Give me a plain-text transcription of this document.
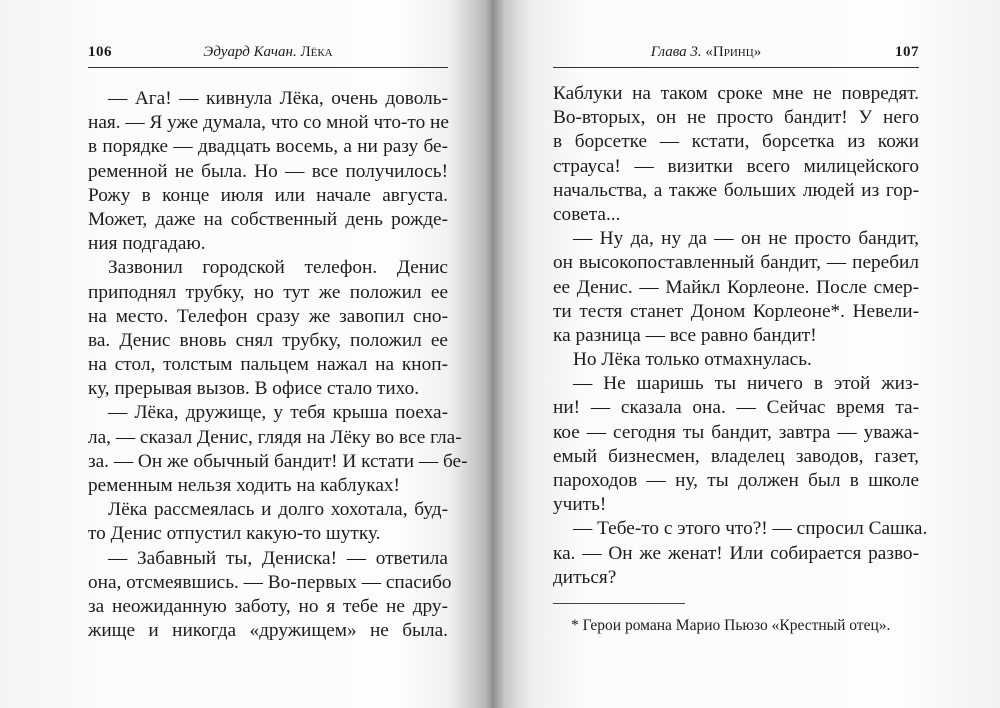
106	Эдуард Качан. Лёка
— Ага! — кивнула Лёка, очень доволь-
ная. — Я уже думала, что со мной что-то не
в порядке — двадцать восемь, а ни разу бе-
ременной не была. Но — все получилось!
Рожу в конце июля или начале августа.
Может, даже на собственный день рожде-
ния подгадаю.
Зазвонил городской телефон. Денис
приподнял трубку, но тут же положил ее
на место. Телефон сразу же завопил сно-
ва. Денис вновь снял трубку, положил ее
на стол, толстым пальцем нажал на кноп-
ку, прерывая вызов. В офисе стало тихо.
— Лёка, дружище, у тебя крыша поеха-
ла, — сказал Денис, глядя на Лёку во все гла-
за. — Он же обычный бандит! И кстати — бе-
ременным нельзя ходить на каблуках!
Лёка рассмеялась и долго хохотала, буд-
то Денис отпустил какую-то шутку.
— Забавный ты, Дениска! — ответила
она, отсмеявшись. — Во-первых — спасибо
за неожиданную заботу, но я тебе не дру-
жище и никогда «дружищем» не была.
Глава 3. «Принц»	107
Каблуки на таком сроке мне не повредят.
Во-вторых, он не просто бандит! У него
в борсетке — кстати, борсетка из кожи
страуса! — визитки всего милицейского
начальства, а также больших людей из гор-
совета...
— Ну да, ну да — он не просто бандит,
он высокопоставленный бандит, — перебил
ее Денис. — Майкл Корлеоне. После смер-
ти тестя станет Доном Корлеоне*. Невели-
ка разница — все равно бандит!
Но Лёка только отмахнулась.
— Не шаришь ты ничего в этой жиз-
ни! — сказала она. — Сейчас время та-
кое — сегодня ты бандит, завтра — уважа-
емый бизнесмен, владелец заводов, газет,
пароходов — ну, ты должен был в школе
учить!
— Тебе-то с этого что?! — спросил Сашка.
ка. — Он же женат! Или собирается разво-
диться?
* Герои романа Марио Пьюзо «Крестный отец».
